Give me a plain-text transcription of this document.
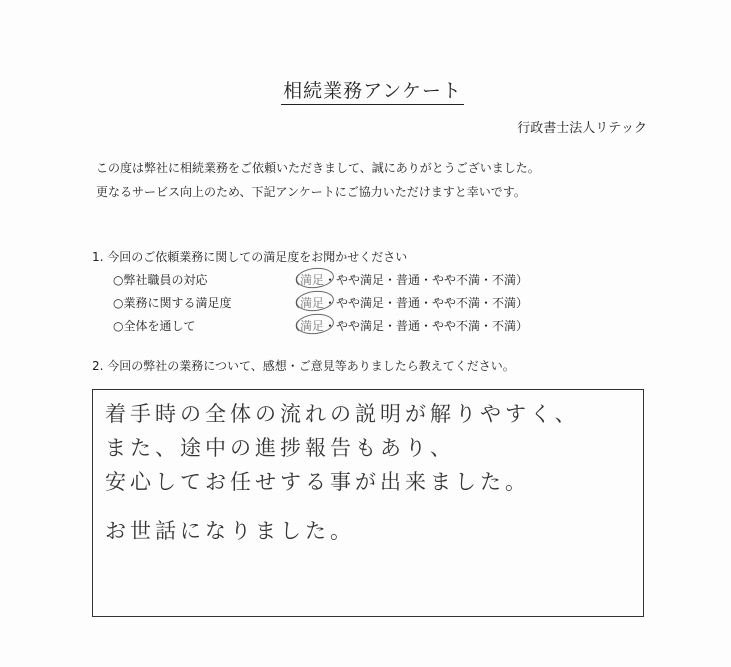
相続業務アンケート
行政書士法人リテック
この度は弊社に相続業務をご依頼いただきまして、誠にありがとうございました。
更なるサービス向上のため、下記アンケートにご協力いただけますと幸いです。
1. 今回のご依頼業務に関しての満足度をお聞かせください
○弊社職員の対応	（満足・やや満足・普通・やや不満・不満）
○業務に関する満足度	（満足・やや満足・普通・やや不満・不満）
○全体を通して	（満足・やや満足・普通・やや不満・不満）
2. 今回の弊社の業務について、感想・ご意見等ありましたら教えてください。
着手時の全体の流れの説明が解りやすく、
また、途中の進捗報告もあり、
安心してお任せする事が出来ました。
お世話になりました。
